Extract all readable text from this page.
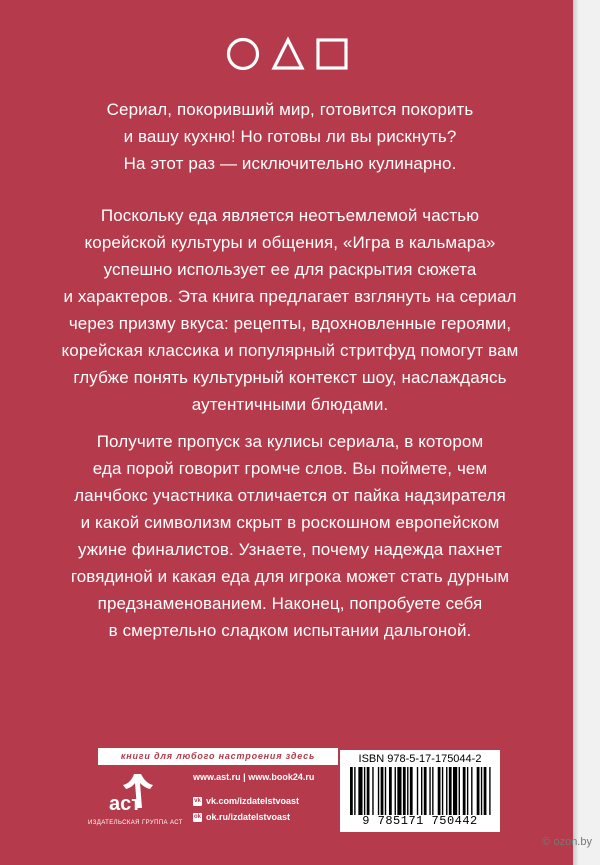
Сериал, покоривший мир, готовится покорить
и вашу кухню! Но готовы ли вы рискнуть?
На этот раз — исключительно кулинарно.

Поскольку еда является неотъемлемой частью
корейской культуры и общения, «Игра в кальмара»
успешно использует ее для раскрытия сюжета
и характеров. Эта книга предлагает взглянуть на сериал
через призму вкуса: рецепты, вдохновленные героями,
корейская классика и популярный стритфуд помогут вам
глубже понять культурный контекст шоу, наслаждаясь
аутентичными блюдами.

Получите пропуск за кулисы сериала, в котором
еда порой говорит громче слов. Вы поймете, чем
ланчбокс участника отличается от пайка надзирателя
и какой символизм скрыт в роскошном европейском
ужине финалистов. Узнаете, почему надежда пахнет
говядиной и какая еда для игрока может стать дурным
предзнаменованием. Наконец, попробуете себя
в смертельно сладком испытании дальгоной.

книги для любого настроения здесь
аст
ИЗДАТЕЛЬСКАЯ ГРУППА АСТ
www.ast.ru | www.book24.ru
vk vk.com/izdatelstvoast
ok ok.ru/izdatelstvoast
ISBN 978-5-17-175044-2
9 785171 750442
© ozon.by
